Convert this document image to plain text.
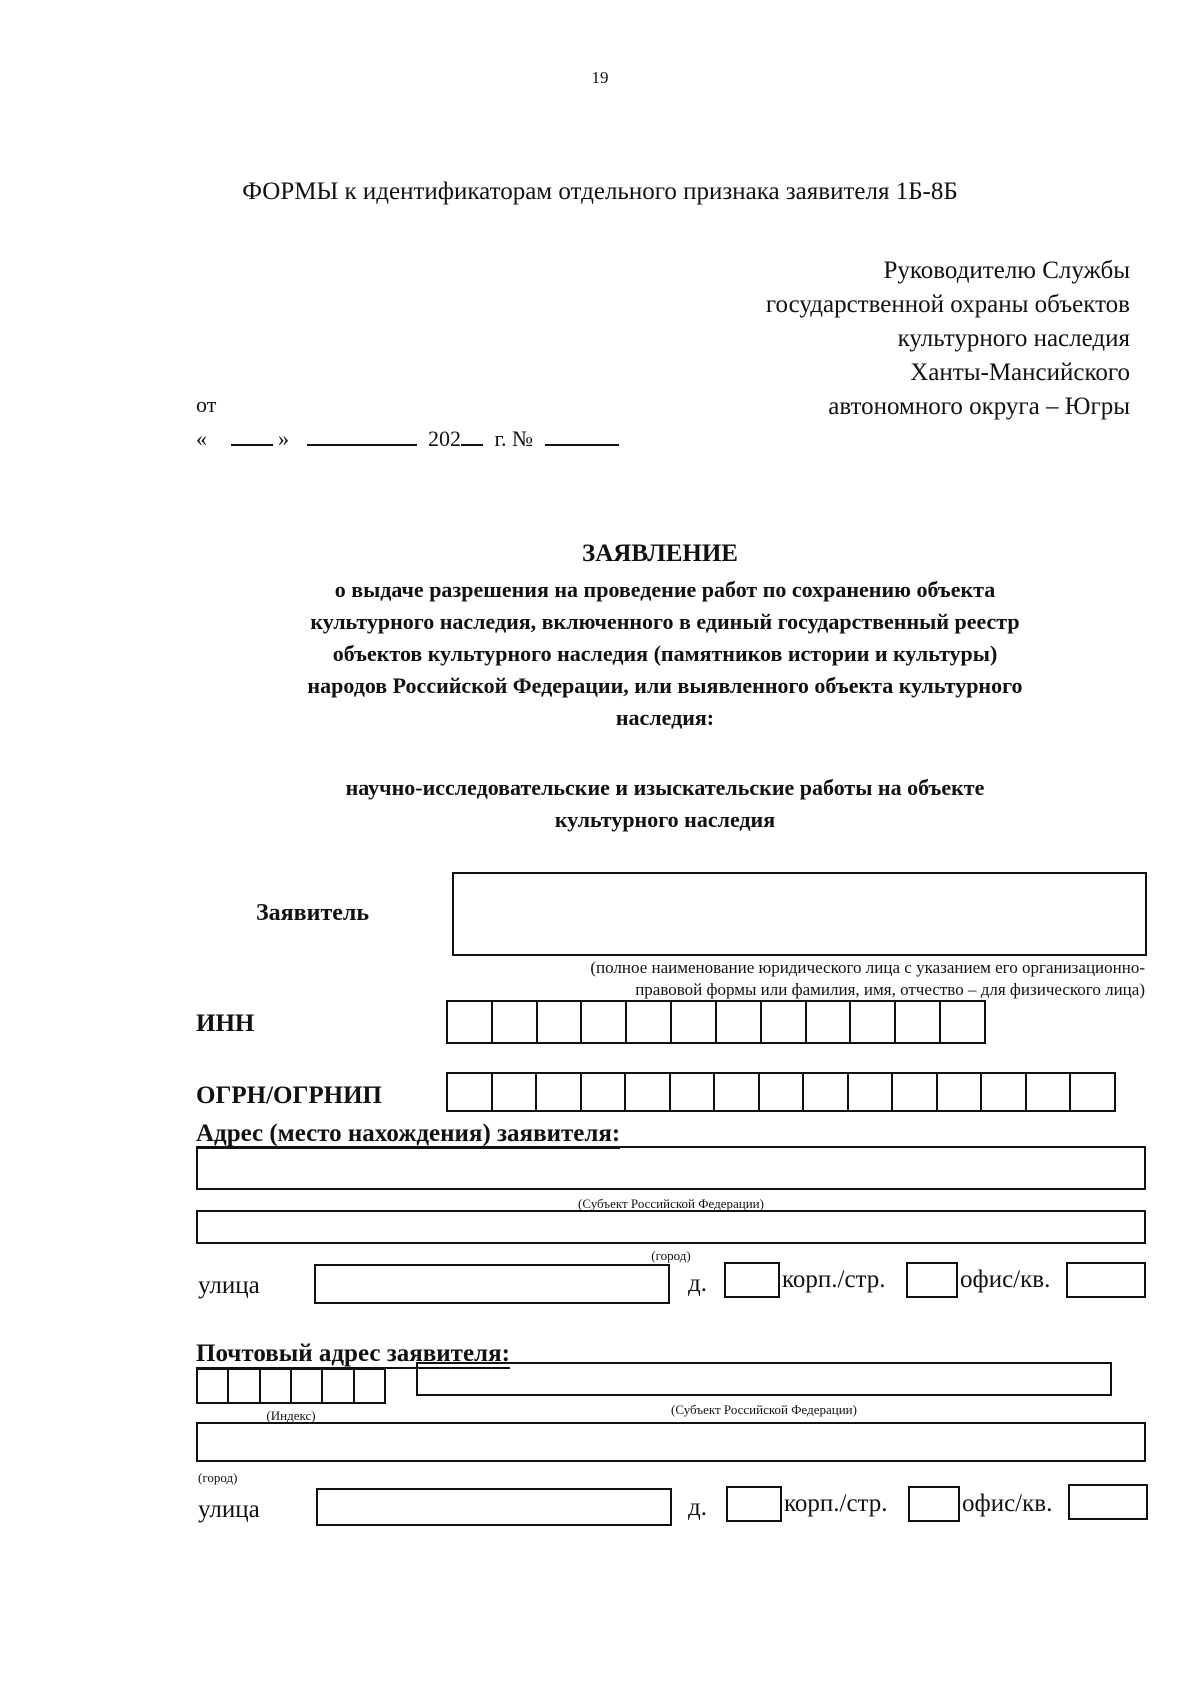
19
ФОРМЫ к идентификаторам отдельного признака заявителя 1Б-8Б
Руководителю Службы
государственной охраны объектов
культурного наследия
Ханты-Мансийского
автономного округа – Югры
от
«	»	202 г. №
ЗАЯВЛЕНИЕ
о выдаче разрешения на проведение работ по сохранению объекта
культурного наследия, включенного в единый государственный реестр
объектов культурного наследия (памятников истории и культуры)
народов Российской Федерации, или выявленного объекта культурного
наследия:
научно-исследовательские и изыскательские работы на объекте
культурного наследия
Заявитель
(полное наименование юридического лица с указанием его организационно-
правовой формы или фамилия, имя, отчество – для физического лица)
ИНН
ОГРН/ОГРНИП
Адрес (место нахождения) заявителя:
(Субъект Российской Федерации)
(город)
улица	д.	корп./стр.	офис/кв.
Почтовый адрес заявителя:
(Индекс)	(Субъект Российской Федерации)
(город)
улица	д.	корп./стр.	офис/кв.
